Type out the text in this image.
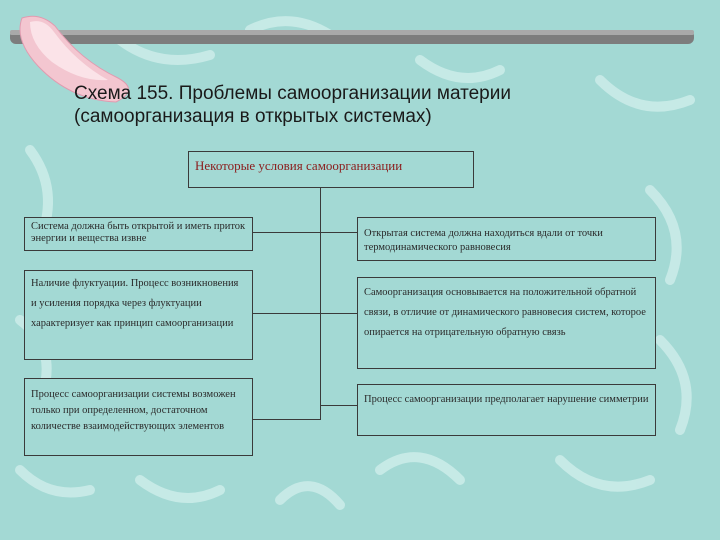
Схема 155. Проблемы самоорганизации материи
(самоорганизация в открытых системах)
Некоторые условия самоорганизации
Система должна быть открытой и иметь приток энергии и вещества извне
Наличие флуктуации. Процесс возникновения и усиления порядка через флуктуации характеризует как принцип самоорганизации
Процесс самоорганизации системы возможен только при определенном, достаточном количестве взаимодействующих элементов
Открытая система должна находиться вдали от точки термодинамического равновесия
Самоорганизация основывается на положительной обратной связи, в отличие от динамического равновесия систем, которое опирается на отрицательную обратную связь
Процесс самоорганизации предполагает нарушение симметрии
